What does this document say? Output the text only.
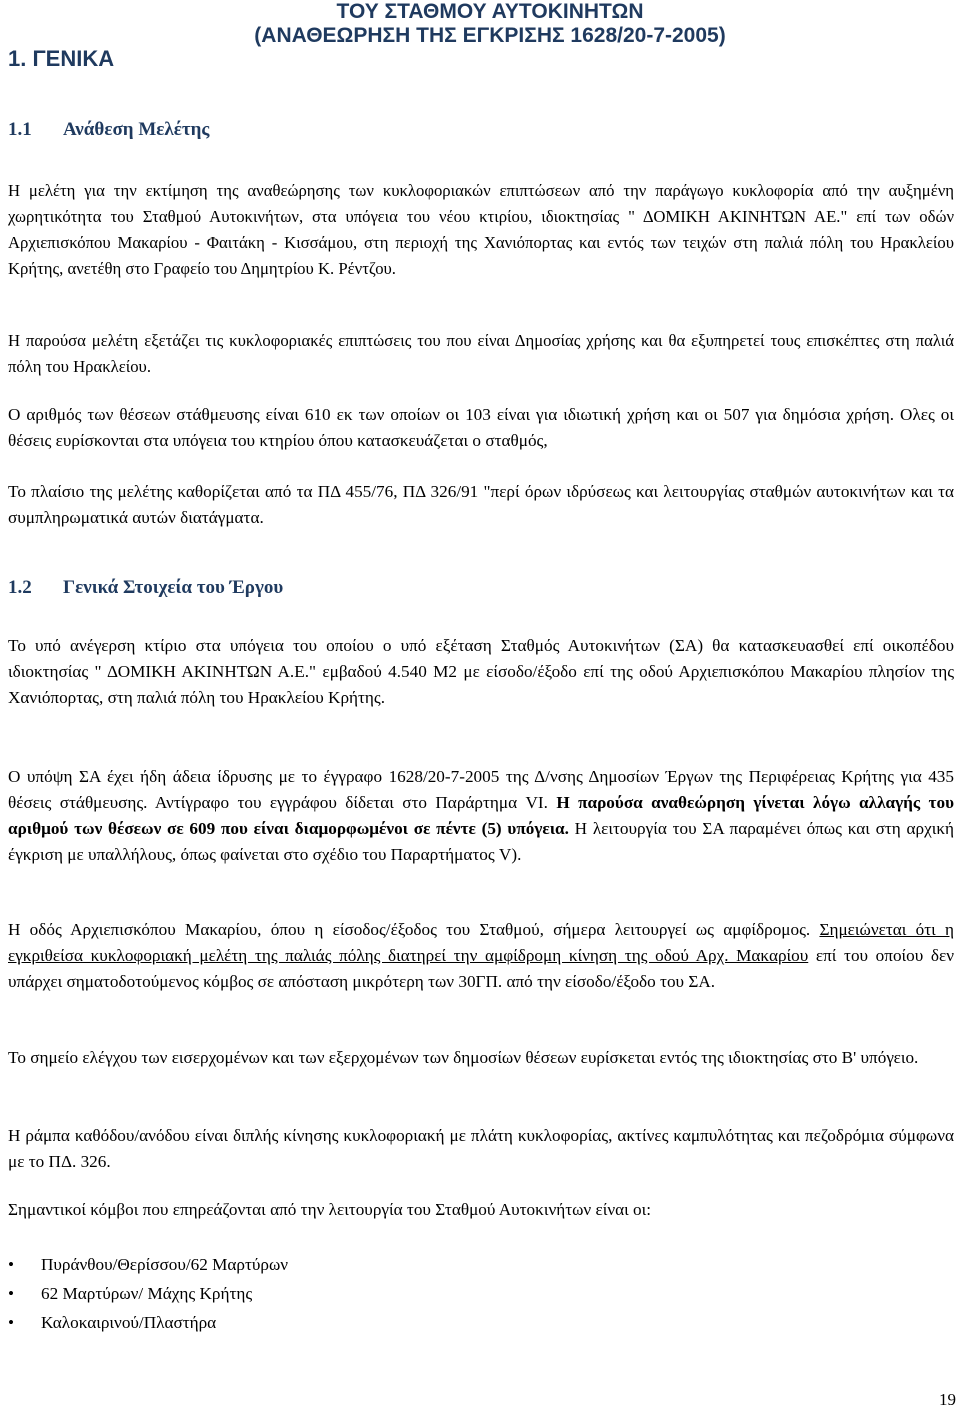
ΤΟΥ ΣΤΑΘΜΟΥ ΑΥΤΟΚΙΝΗΤΩΝ
(ΑΝΑΘΕΩΡΗΣΗ ΤΗΣ ΕΓΚΡΙΣΗΣ 1628/20-7-2005)
1. ΓΕΝΙΚΑ
1.1 Ανάθεση Μελέτης

Η μελέτη για την εκτίμηση της αναθεώρησης των κυκλοφοριακών επιπτώσεων από την παράγωγο κυκλοφορία από την αυξημένη χωρητικότητα του Σταθμού Αυτοκινήτων, στα υπόγεια του νέου κτιρίου, ιδιοκτησίας " ΔΟΜΙΚΗ ΑΚΙΝΗΤΩΝ ΑΕ." επί των οδών Αρχιεπισκόπου Μακαρίου - Φαιτάκη - Κισσάμου, στη περιοχή της Χανιόπορτας και εντός των τειχών στη παλιά πόλη του Ηρακλείου Κρήτης, ανετέθη στο Γραφείο του Δημητρίου Κ. Ρέντζου.

Η παρούσα μελέτη εξετάζει τις κυκλοφοριακές επιπτώσεις του που είναι Δημοσίας χρήσης και θα εξυπηρετεί τους επισκέπτες στη παλιά πόλη του Ηρακλείου.

Ο αριθμός των θέσεων στάθμευσης είναι 610 εκ των οποίων οι 103 είναι για ιδιωτική χρήση και οι 507 για δημόσια χρήση. Ολες οι θέσεις ευρίσκονται στα υπόγεια του κτηρίου όπου κατασκευάζεται ο σταθμός,

Το πλαίσιο της μελέτης καθορίζεται από τα ΠΔ 455/76, ΠΔ 326/91 "περί όρων ιδρύσεως και λειτουργίας σταθμών αυτοκινήτων και τα συμπληρωματικά αυτών διατάγματα.

1.2 Γενικά Στοιχεία του Έργου

Το υπό ανέγερση κτίριο στα υπόγεια του οποίου ο υπό εξέταση Σταθμός Αυτοκινήτων (ΣΑ) θα κατασκευασθεί επί οικοπέδου ιδιοκτησίας " ΔΟΜΙΚΗ ΑΚΙΝΗΤΩΝ Α.Ε." εμβαδού 4.540 Μ2 με είσοδο/έξοδο επί της οδού Αρχιεπισκόπου Μακαρίου πλησίον της Χανιόπορτας, στη παλιά πόλη του Ηρακλείου Κρήτης.

Ο υπόψη ΣΑ έχει ήδη άδεια ίδρυσης με το έγγραφο 1628/20-7-2005 της Δ/νσης Δημοσίων Έργων της Περιφέρειας Κρήτης για 435 θέσεις στάθμευσης. Αντίγραφο του εγγράφου δίδεται στο Παράρτημα VI. Η παρούσα αναθεώρηση γίνεται λόγω αλλαγής του αριθμού των θέσεων σε 609 που είναι διαμορφωμένοι σε πέντε (5) υπόγεια. Η λειτουργία του ΣΑ παραμένει όπως και στη αρχική έγκριση με υπαλλήλους, όπως φαίνεται στο σχέδιο του Παραρτήματος V).

Η οδός Αρχιεπισκόπου Μακαρίου, όπου η είσοδος/έξοδος του Σταθμού, σήμερα λειτουργεί ως αμφίδρομος. Σημειώνεται ότι η εγκριθείσα κυκλοφοριακή μελέτη της παλιάς πόλης διατηρεί την αμφίδρομη κίνηση της οδού Αρχ. Μακαρίου επί του οποίου δεν υπάρχει σηματοδοτούμενος κόμβος σε απόσταση μικρότερη των 30ΓΠ. από την είσοδο/έξοδο του ΣΑ.

Το σημείο ελέγχου των εισερχομένων και των εξερχομένων των δημοσίων θέσεων ευρίσκεται εντός της ιδιοκτησίας στο Β' υπόγειο.

Η ράμπα καθόδου/ανόδου είναι διπλής κίνησης κυκλοφοριακή με πλάτη κυκλοφορίας, ακτίνες καμπυλότητας και πεζοδρόμια σύμφωνα με το ΠΔ. 326.

Σημαντικοί κόμβοι που επηρεάζονται από την λειτουργία του Σταθμού Αυτοκινήτων είναι οι:

•	Πυράνθου/Θερίσσου/62 Μαρτύρων
•	62 Μαρτύρων/ Μάχης Κρήτης
•	Καλοκαιρινού/Πλαστήρα
19
